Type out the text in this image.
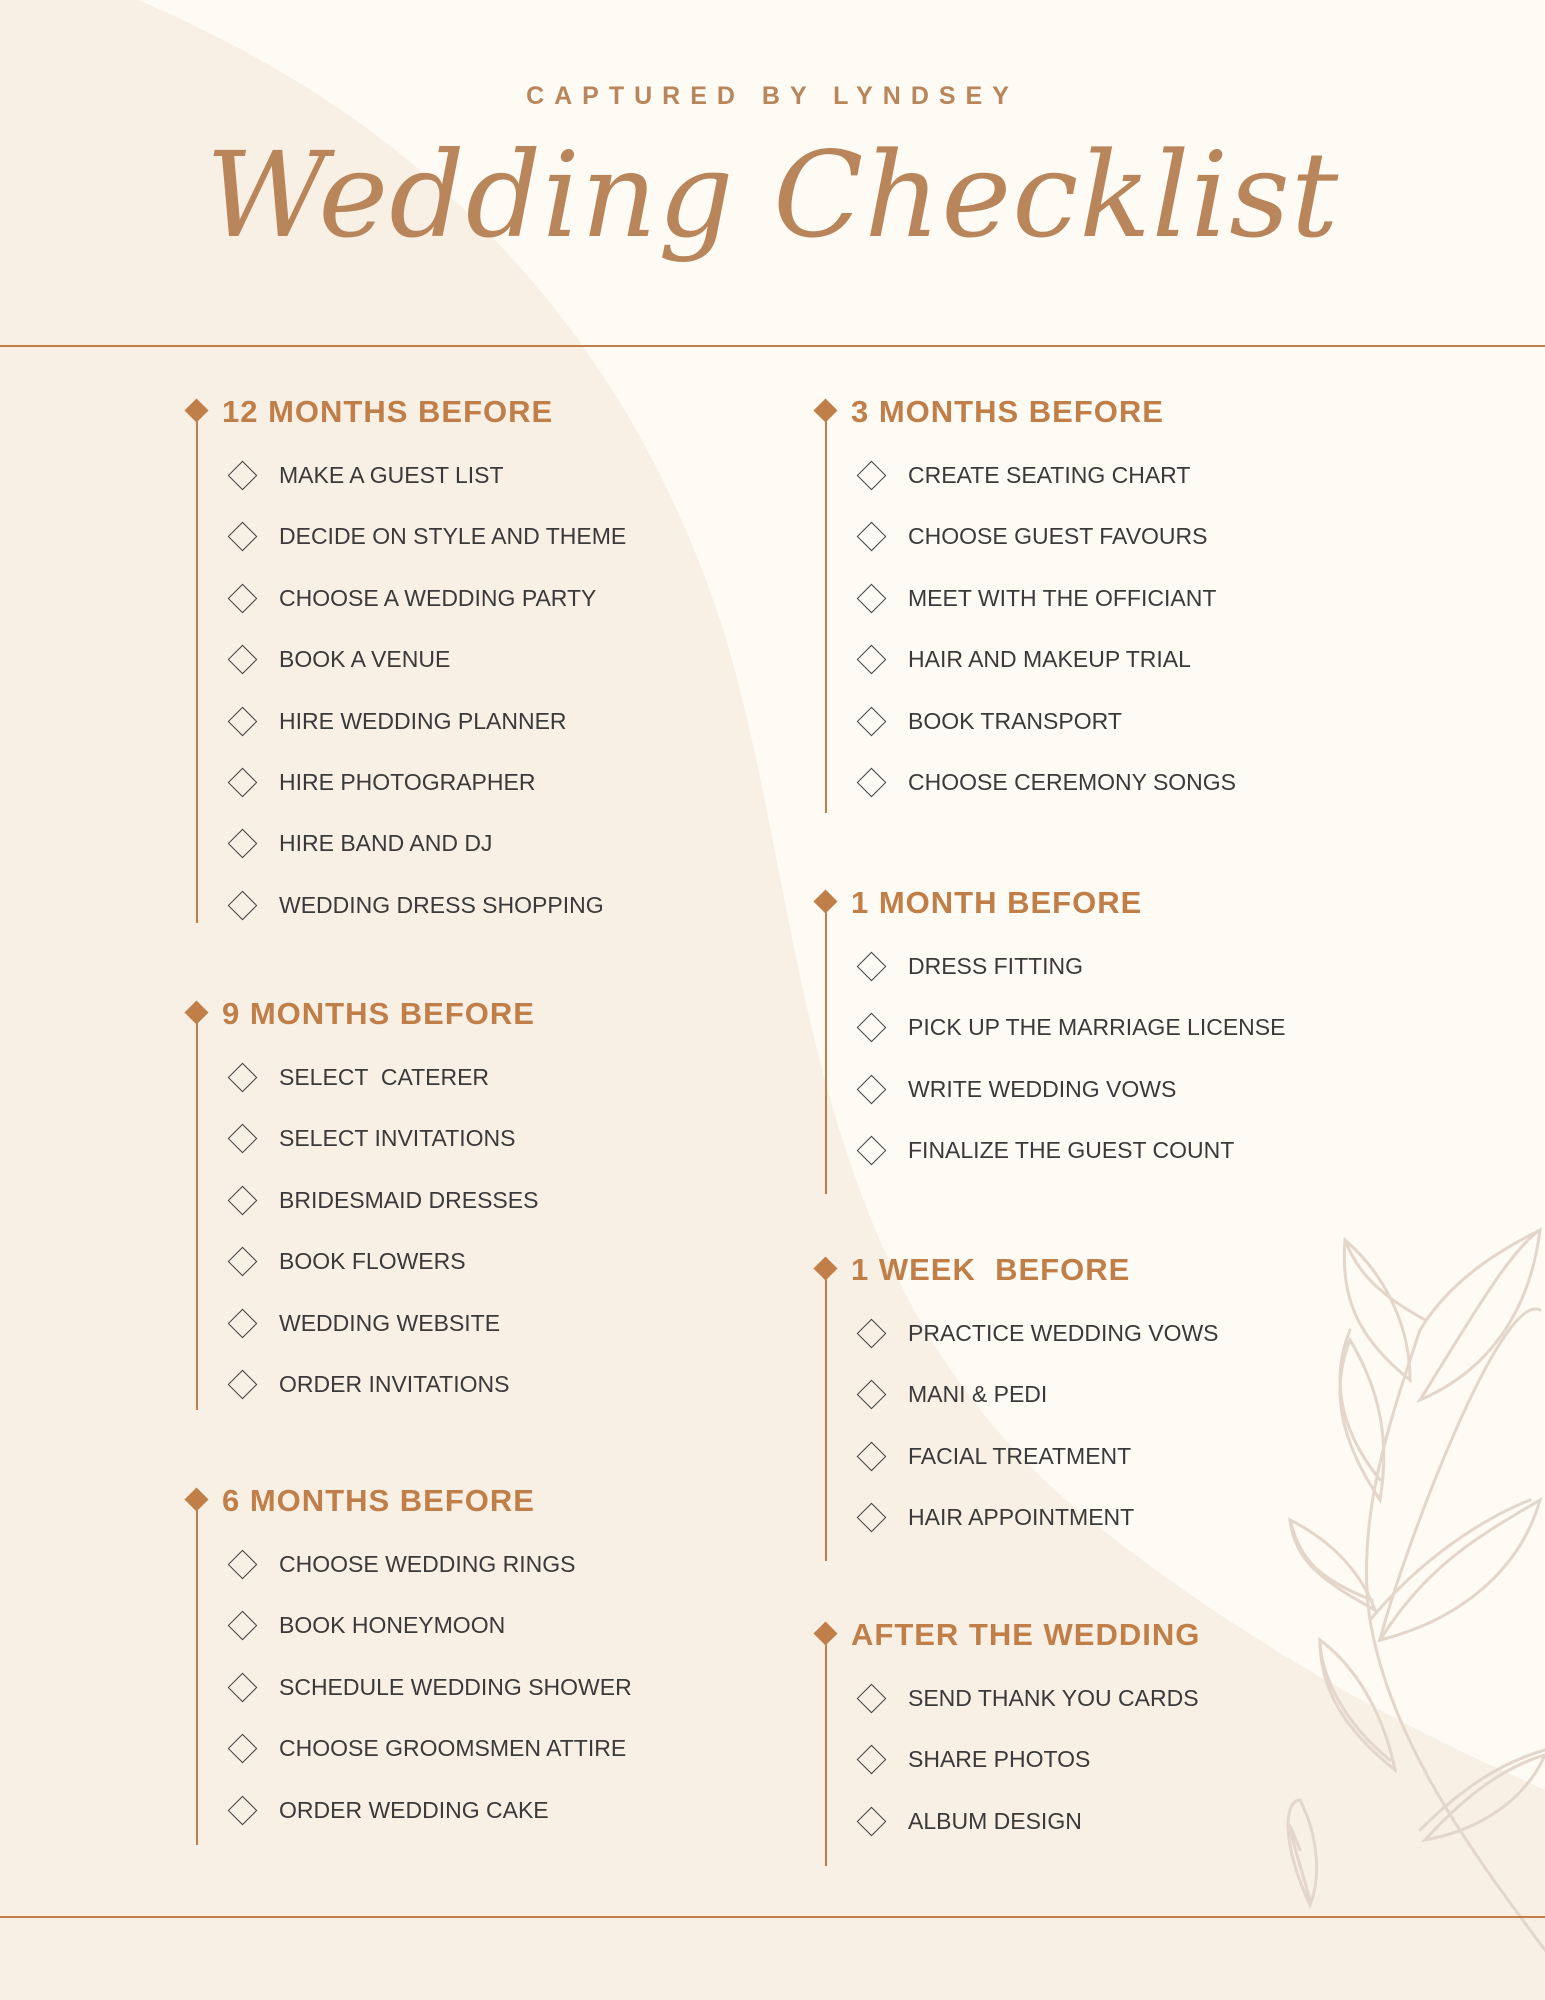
CAPTURED BY LYNDSEY
Wedding Checklist
12 MONTHS BEFORE
MAKE A GUEST LIST
DECIDE ON STYLE AND THEME
CHOOSE A WEDDING PARTY
BOOK A VENUE
HIRE WEDDING PLANNER
HIRE PHOTOGRAPHER
HIRE BAND AND DJ
WEDDING DRESS SHOPPING
9 MONTHS BEFORE
SELECT  CATERER
SELECT INVITATIONS
BRIDESMAID DRESSES
BOOK FLOWERS
WEDDING WEBSITE
ORDER INVITATIONS
6 MONTHS BEFORE
CHOOSE WEDDING RINGS
BOOK HONEYMOON
SCHEDULE WEDDING SHOWER
CHOOSE GROOMSMEN ATTIRE
ORDER WEDDING CAKE
3 MONTHS BEFORE
CREATE SEATING CHART
CHOOSE GUEST FAVOURS
MEET WITH THE OFFICIANT
HAIR AND MAKEUP TRIAL
BOOK TRANSPORT
CHOOSE CEREMONY SONGS
1 MONTH BEFORE
DRESS FITTING
PICK UP THE MARRIAGE LICENSE
WRITE WEDDING VOWS
FINALIZE THE GUEST COUNT
1 WEEK  BEFORE
PRACTICE WEDDING VOWS
MANI & PEDI
FACIAL TREATMENT
HAIR APPOINTMENT
AFTER THE WEDDING
SEND THANK YOU CARDS
SHARE PHOTOS
ALBUM DESIGN
